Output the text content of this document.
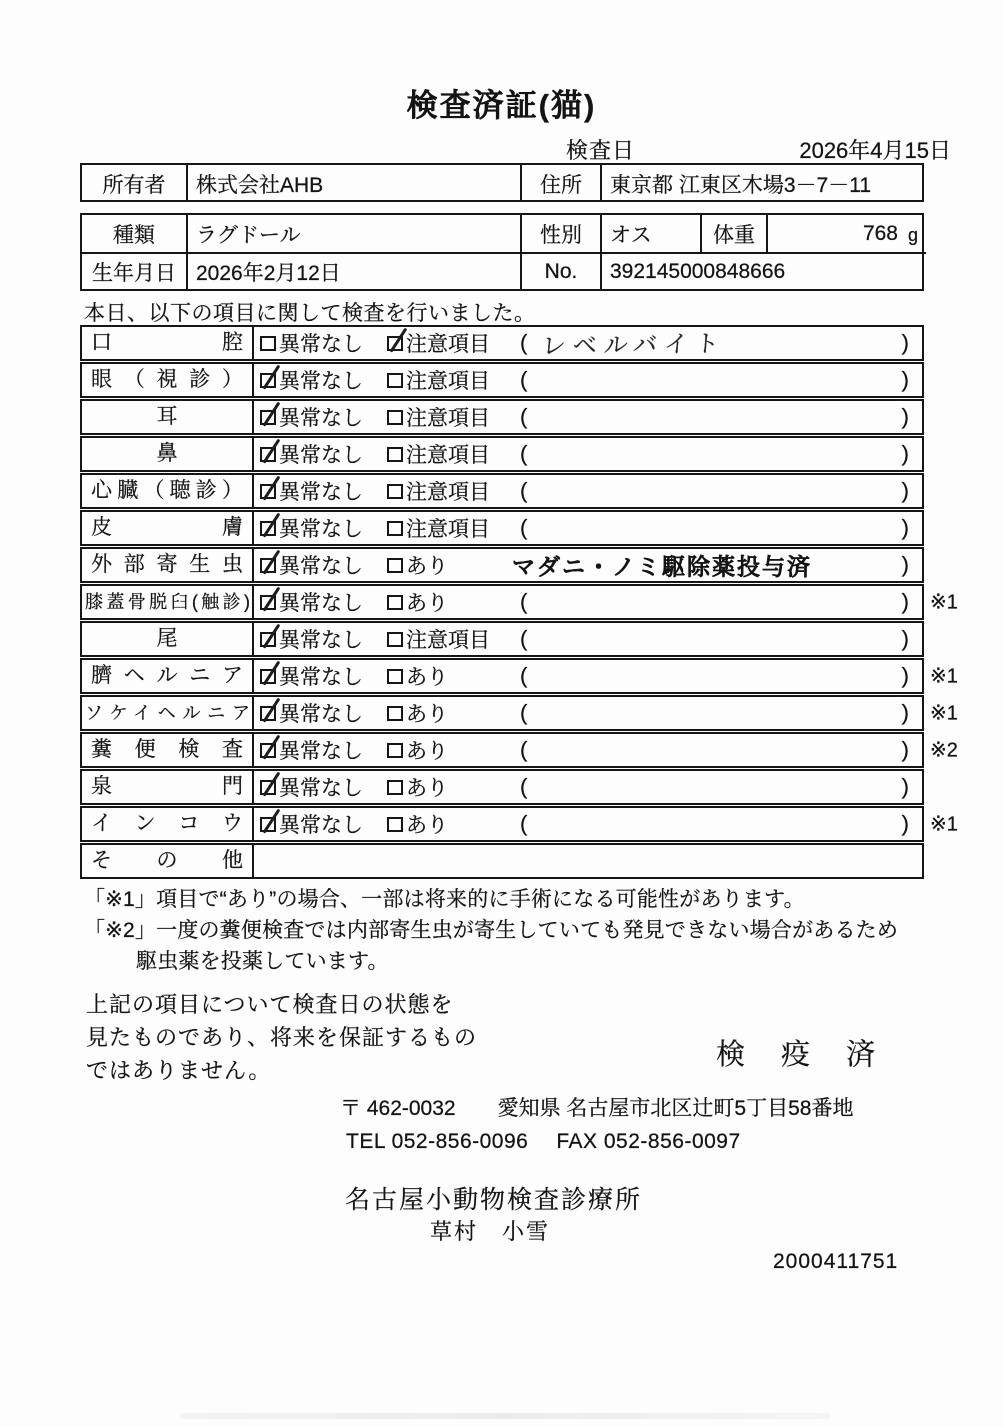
検査済証(猫)
検査日	2026年4月15日
所有者	株式会社AHB	住所	東京都 江東区木場3－7－11
種類	ラグドール	性別	オス	体重	768 g
生年月日 2026年2月12日	No.	392145000848666
本日、以下の項目に関して検査を行いました。
口腔	異常なし 注意項目 ( レベルバイト	)
眼（視診）	異常なし 注意項目 (	)
耳	異常なし 注意項目 (	)
鼻	異常なし 注意項目 (	)
心臓（聴診）	異常なし 注意項目 (	)
皮膚	異常なし 注意項目 (	)
外部寄生虫	異常なし あり	マダニ・ノミ駆除薬投与済	)
膝蓋骨脱臼(触診) 異常なし あり	(	) ※1
尾	異常なし 注意項目 (	)
臍ヘルニア	異常なし あり	(	) ※1
ソケイヘルニア 異常なし あり	(	) ※1
糞便検査	異常なし あり	(	) ※2
泉門	異常なし あり	(	)
インコウ	異常なし あり	(	) ※1
その他
「※1」項目で“あり”の場合、一部は将来的に手術になる可能性があります。
「※2」一度の糞便検査では内部寄生虫が寄生していても発見できない場合があるため
駆虫薬を投薬しています。
上記の項目について検査日の状態を
見たものであり、将来を保証するもの
ではありません。	検 疫 済
〒 462-0032 愛知県 名古屋市北区辻町5丁目58番地
TEL 052-856-0096 FAX 052-856-0097
名古屋小動物検査診療所
草村　小雪
2000411751
